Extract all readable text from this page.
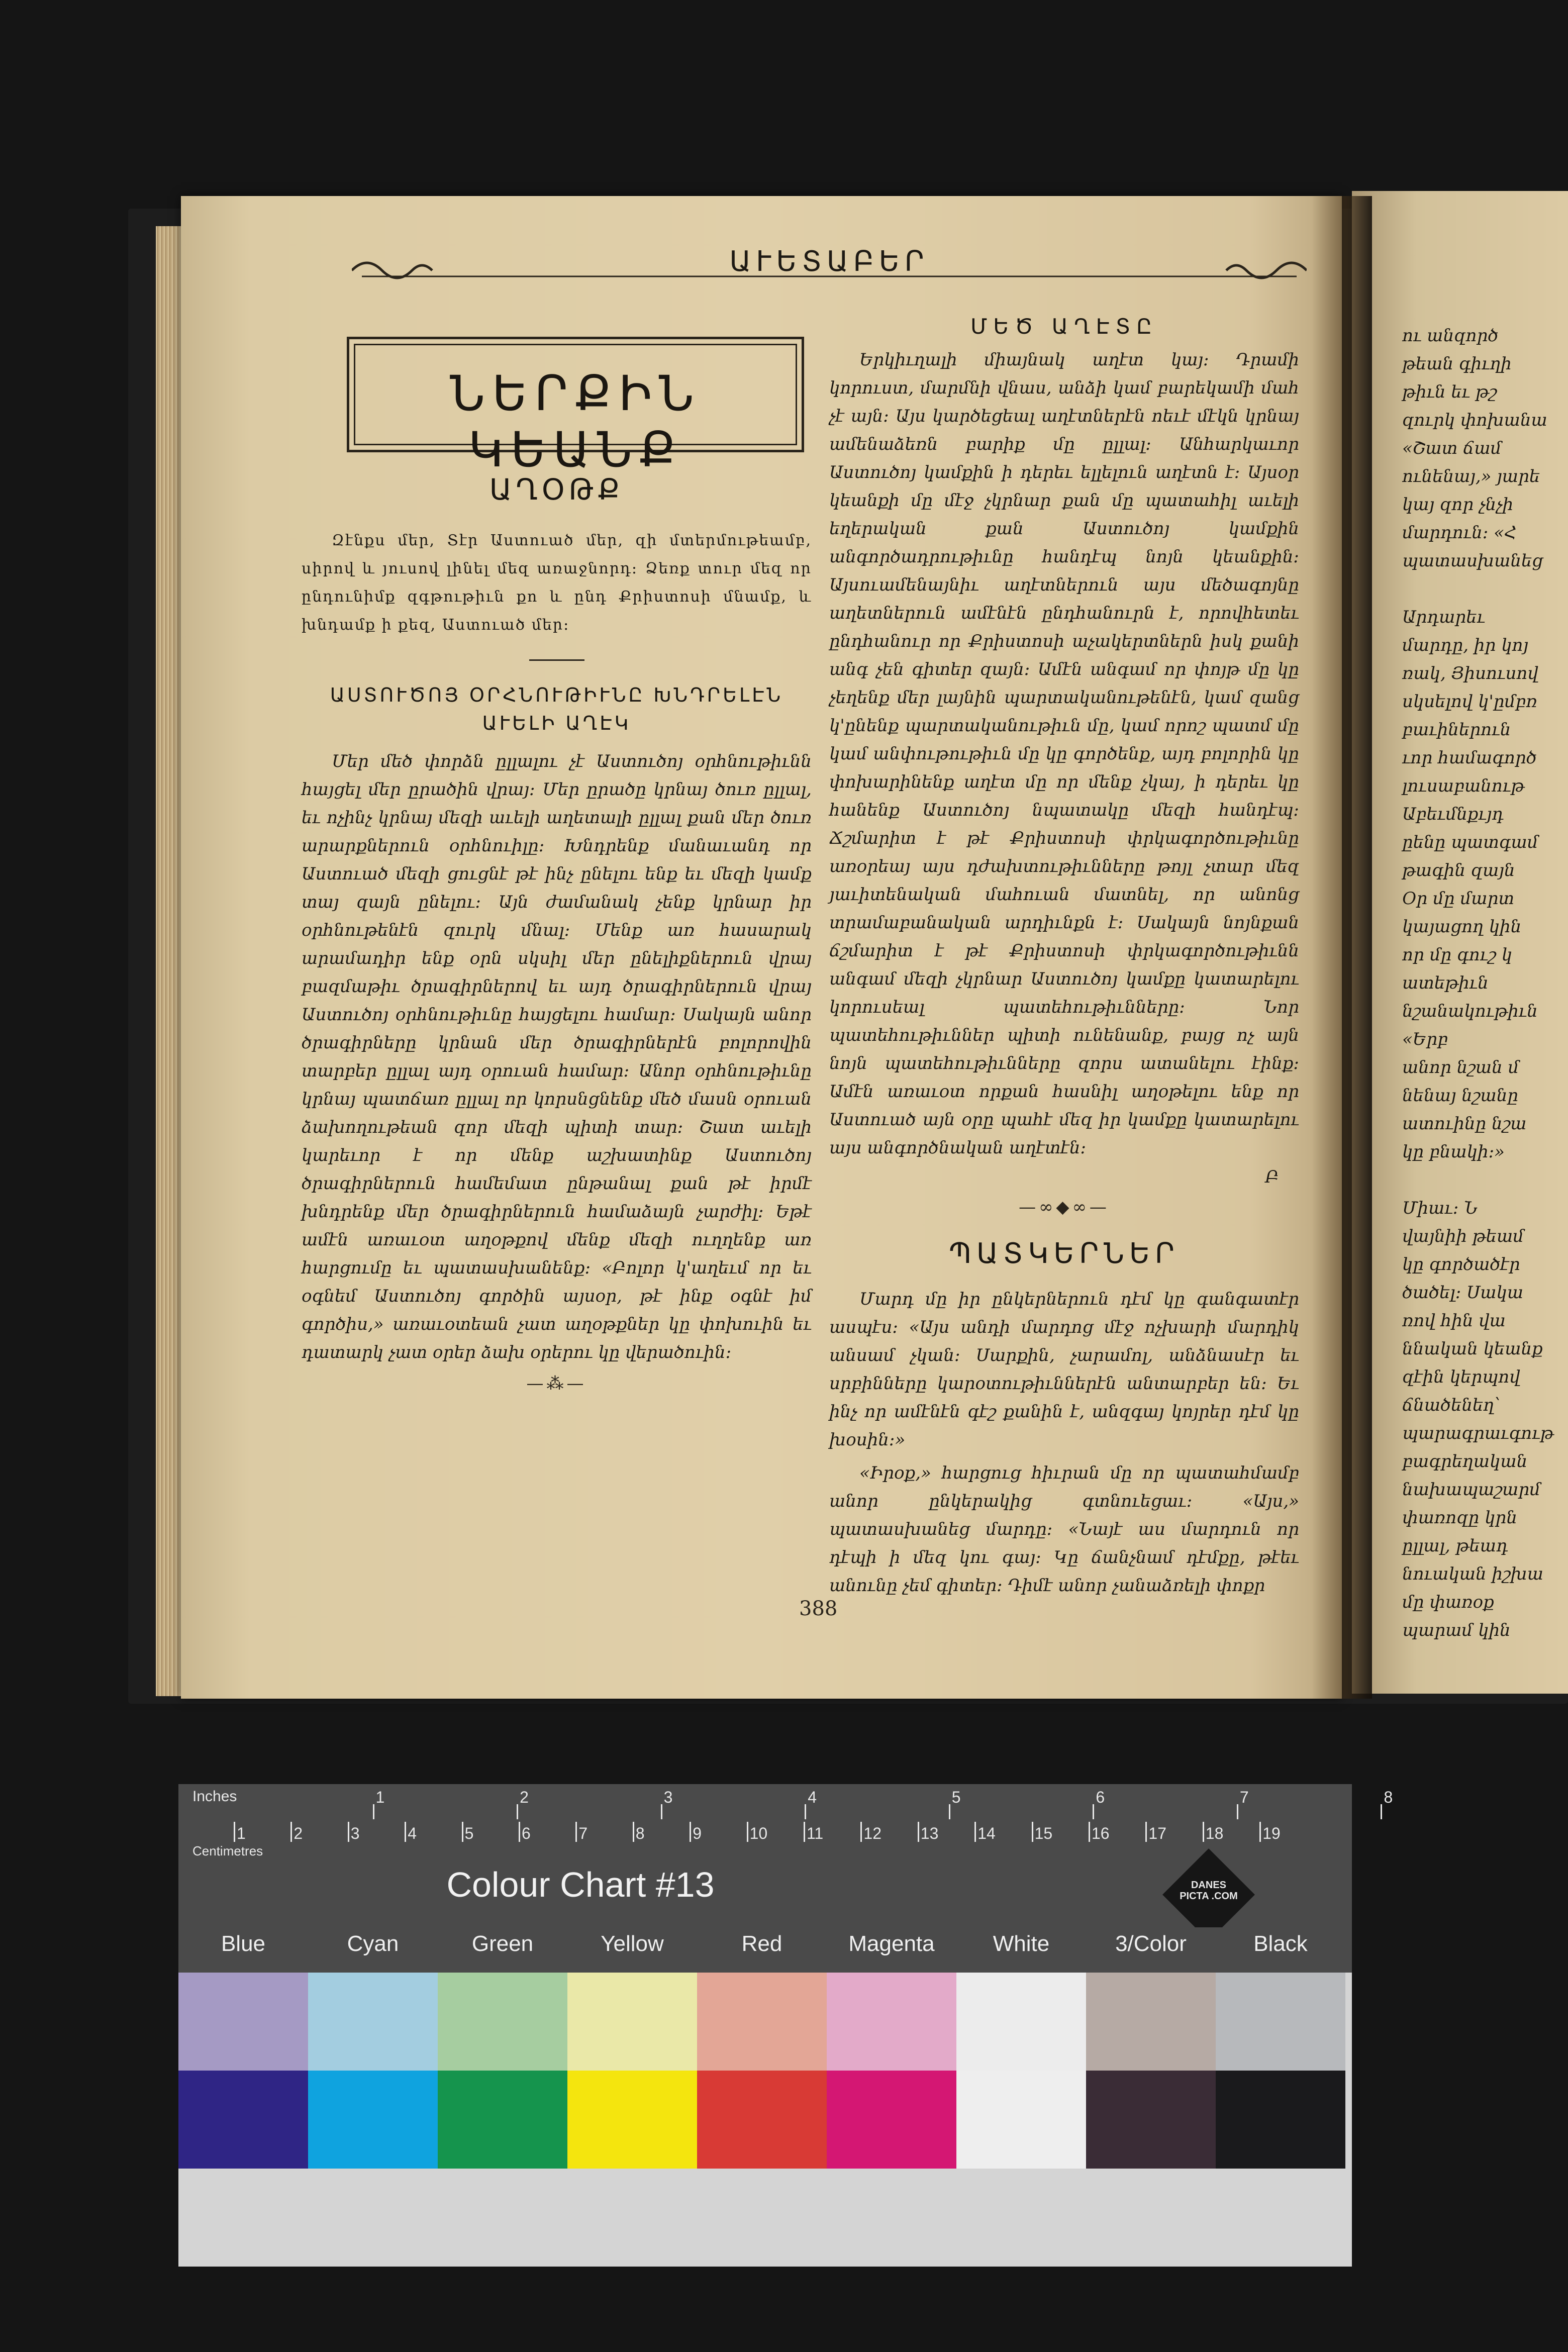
ԱՒԵՏԱԲԵՐ
ՆԵՐՔԻՆ ԿԵԱՆՔ
ԱՂՕԹՔ

Զէնքս մեր, Տէր Աստուած մեր, զի մտերմութեամբ, սիրով և յուսով լինել մեզ առաջնորդ։ Ձեռք տուր մեզ որ ընդունիմք զգթութիւն քո և ընդ Քրիստոսի մնամք, և խնդամք ի քեզ, Աստուած մեր։

ԱՍՏՈՒԾՈՅ ՕՐՀՆՈՒԹԻՒՆԸ ԽՆԴՐԵԼԷՆ ԱՒԵԼԻ ԱՂԷԿ

Մեր մեծ փորձն ըլլալու չէ Աստուծոյ օրհնութիւնն հայցել մեր ըրածին վրայ։ Մեր ըրածը կրնայ ծուռ ըլլալ, եւ ոչինչ կրնայ մեզի աւելի աղետալի ըլլալ քան մեր ծուռ արարքներուն օրհնուիլը։ Խնդրենք մանաւանդ որ Աստուած մեզի ցուցնէ թէ ինչ ընելու ենք եւ մեզի կամք տայ զայն ընելու։ Այն ժամանակ չենք կրնար իր օրհնութենէն զուրկ մնալ։ Մենք առ հասարակ արամադիր ենք օրն սկսիլ մեր ընելիքներուն վրայ բազմաթիւ ծրագիրներով եւ այդ ծրագիրներուն վրայ Աստուծոյ օրհնութիւնը հայցելու համար։ Սակայն անոր ծրագիրները կրնան մեր ծրագիրներէն բոլորովին տարբեր ըլլալ այդ օրուան համար։ Անոր օրհնութիւնը կրնայ պատճառ ըլլալ որ կորսնցնենք մեծ մասն օրուան ձախողութեան զոր մեզի պիտի տար։ Շատ աւելի կարեւոր է որ մենք աշխատինք Աստուծոյ ծրագիրներուն համեմատ ընթանալ քան թէ իրմէ խնդրենք մեր ծրագիրներուն համաձայն չարժիլ։ Եթէ ամէն առաւօտ աղօթքով մենք մեզի ուղղենք առ հարցումը եւ պատասխանենք։ «Բոլոր կ'աղեւմ որ եւ օգնեմ Աստուծոյ գործին այսօր, թէ ինք օգնէ իմ գործիս,» առաւօտեան չատ աղօթքներ կը փոխուին եւ դատարկ չատ օրեր ձախ օրերու կը վերածուին։

—⁂—
ՄԵԾ ԱՂԷՏԸ

Երկիւղալի միայնակ աղէտ կայ։ Դրամի կորուստ, մարմնի վնաս, անձի կամ բարեկամի մահ չէ այն։ Այս կարծեցեալ աղէտներէն ոեւէ մէկն կրնայ ամենաձեռն բարիք մը ըլլալ։ Անհարկաւոր Աստուծոյ կամքին ի դերեւ ելլելուն աղէտն է։ Այսօր կեանքի մը մէջ չկրնար քան մը պատահիլ աւելի եղերական քան Աստուծոյ կամքին անգործադրութիւնը հանդէպ նոյն կեանքին։ Այսուամենայնիւ աղէտներուն այս մեծագոյնը աղետներուն ամէնէն ընդհանուրն է, որովհետեւ ընդհանուր որ Քրիստոսի աչակերտներն իսկ քանի անգ չեն գիտեր զայն։ Ամէն անգամ որ փոյթ մը կը չեղենք մեր լայնին պարտականութենէն, կամ զանց կ'ընենք պարտականութիւն մը, կամ որոշ պատմ մը կամ անփութութիւն մը կը գործենք, այդ բոլորին կը փոխարինենք աղէտ մը որ մենք չկայ, ի դերեւ կը հանենք Աստուծոյ նպատակը մեզի հանդէպ։ Ճշմարիտ է թէ Քրիստոսի փրկագործութիւնը առօրեայ այս դժախտութիւնները թոյլ չտար մեզ յաւիտենական մահուան մատնել, որ անոնց տրամաբանական արդիւնքն է։ Սակայն նոյնքան ճշմարիտ է թէ Քրիստոսի փրկագործութիւնն անգամ մեզի չկրնար Աստուծոյ կամքը կատարելու կորուսեալ պատեհութիւնները։ Նոր պատեհութիւններ պիտի ունենանք, բայց ոչ այն նոյն պատեհութիւնները զորս ատանելու էինք։ Ամէն առաւօտ որքան հասնիլ աղօթելու ենք որ Աստուած այն օրը պահէ մեզ իր կամքը կատարելու այս անգործնական աղէտէն։

Բ
—∞◆∞—
ՊԱՏԿԵՐՆԵՐ

Մարդ մը իր ընկերներուն դէմ կը գանգատէր ասպէս։ «Այս անդի մարդոց մէջ ոչխարի մարդիկ անսամ չկան։ Սարքին, չարամոլ, անձնասէր եւ սրբինները կարօտութիւններէն անտարբեր են։ Եւ ինչ որ ամէնէն գէշ քանին է, անզգայ կոյրեր դէմ կը խօսին։»

«Իրօք,» հարցուց հիւրան մը որ պատահմամբ անոր ընկերակից գտնուեցաւ։ «Այս,» պատասխանեց մարդը։ «Նայէ աս մարդուն որ դէպի ի մեզ կու գայ։ Կը ճանչնամ դէմքը, թէեւ անունը չեմ գիտեր։ Դիմէ անոր չանաձռելի փոքր

388
ու անզործ
թեան գիւղի
թիւն եւ թշ
զուրկ փոխանա
«Շատ ճամ
ունենայ,» յարե
կայ զոր չնչի
մարդուն։ «Հ
պատասխանեց

Արդարեւ
մարդը, իր կոյ
ռակ, Յիսուսով
սկսելով կ'ըմբռ
բաւիներուն
ւոր համագործ
լուսաբանութ
Աբեւմնքւյդ
ըենը պատգամ
թագին զայն
Օր մը մարտ
կայացող կին
որ մը գուշ կ
ատեթիւն
նշանակութիւն
«Երբ
անոր նշան մ
նենայ նշանը
ատուինը նշա
կը բնակի։»

Միաւ։ Ն
վայնիի թեամ
կը գործածէր
ծածել։ Սակա
ռով հին վա
ննական կեանք
զէին կերպով
ճնածենեղ՝
պարագրաւգութ
բագրեղական
նախապաշարմ
փառոզը կրն
ըլլալ, թեադ
նուական իշխա
մը փառօք
պարամ կին
Inches
Centimetres
1	2	3	4	5	6	7	8
1	2	3	4	5	6	7	8	9	10 11	12 13 14 15 16 17 18 19
Colour Chart #13	DANES PICTA .COM
Blue	Cyan	Green	Yellow	Red	Magenta	White	3/Color	Black
